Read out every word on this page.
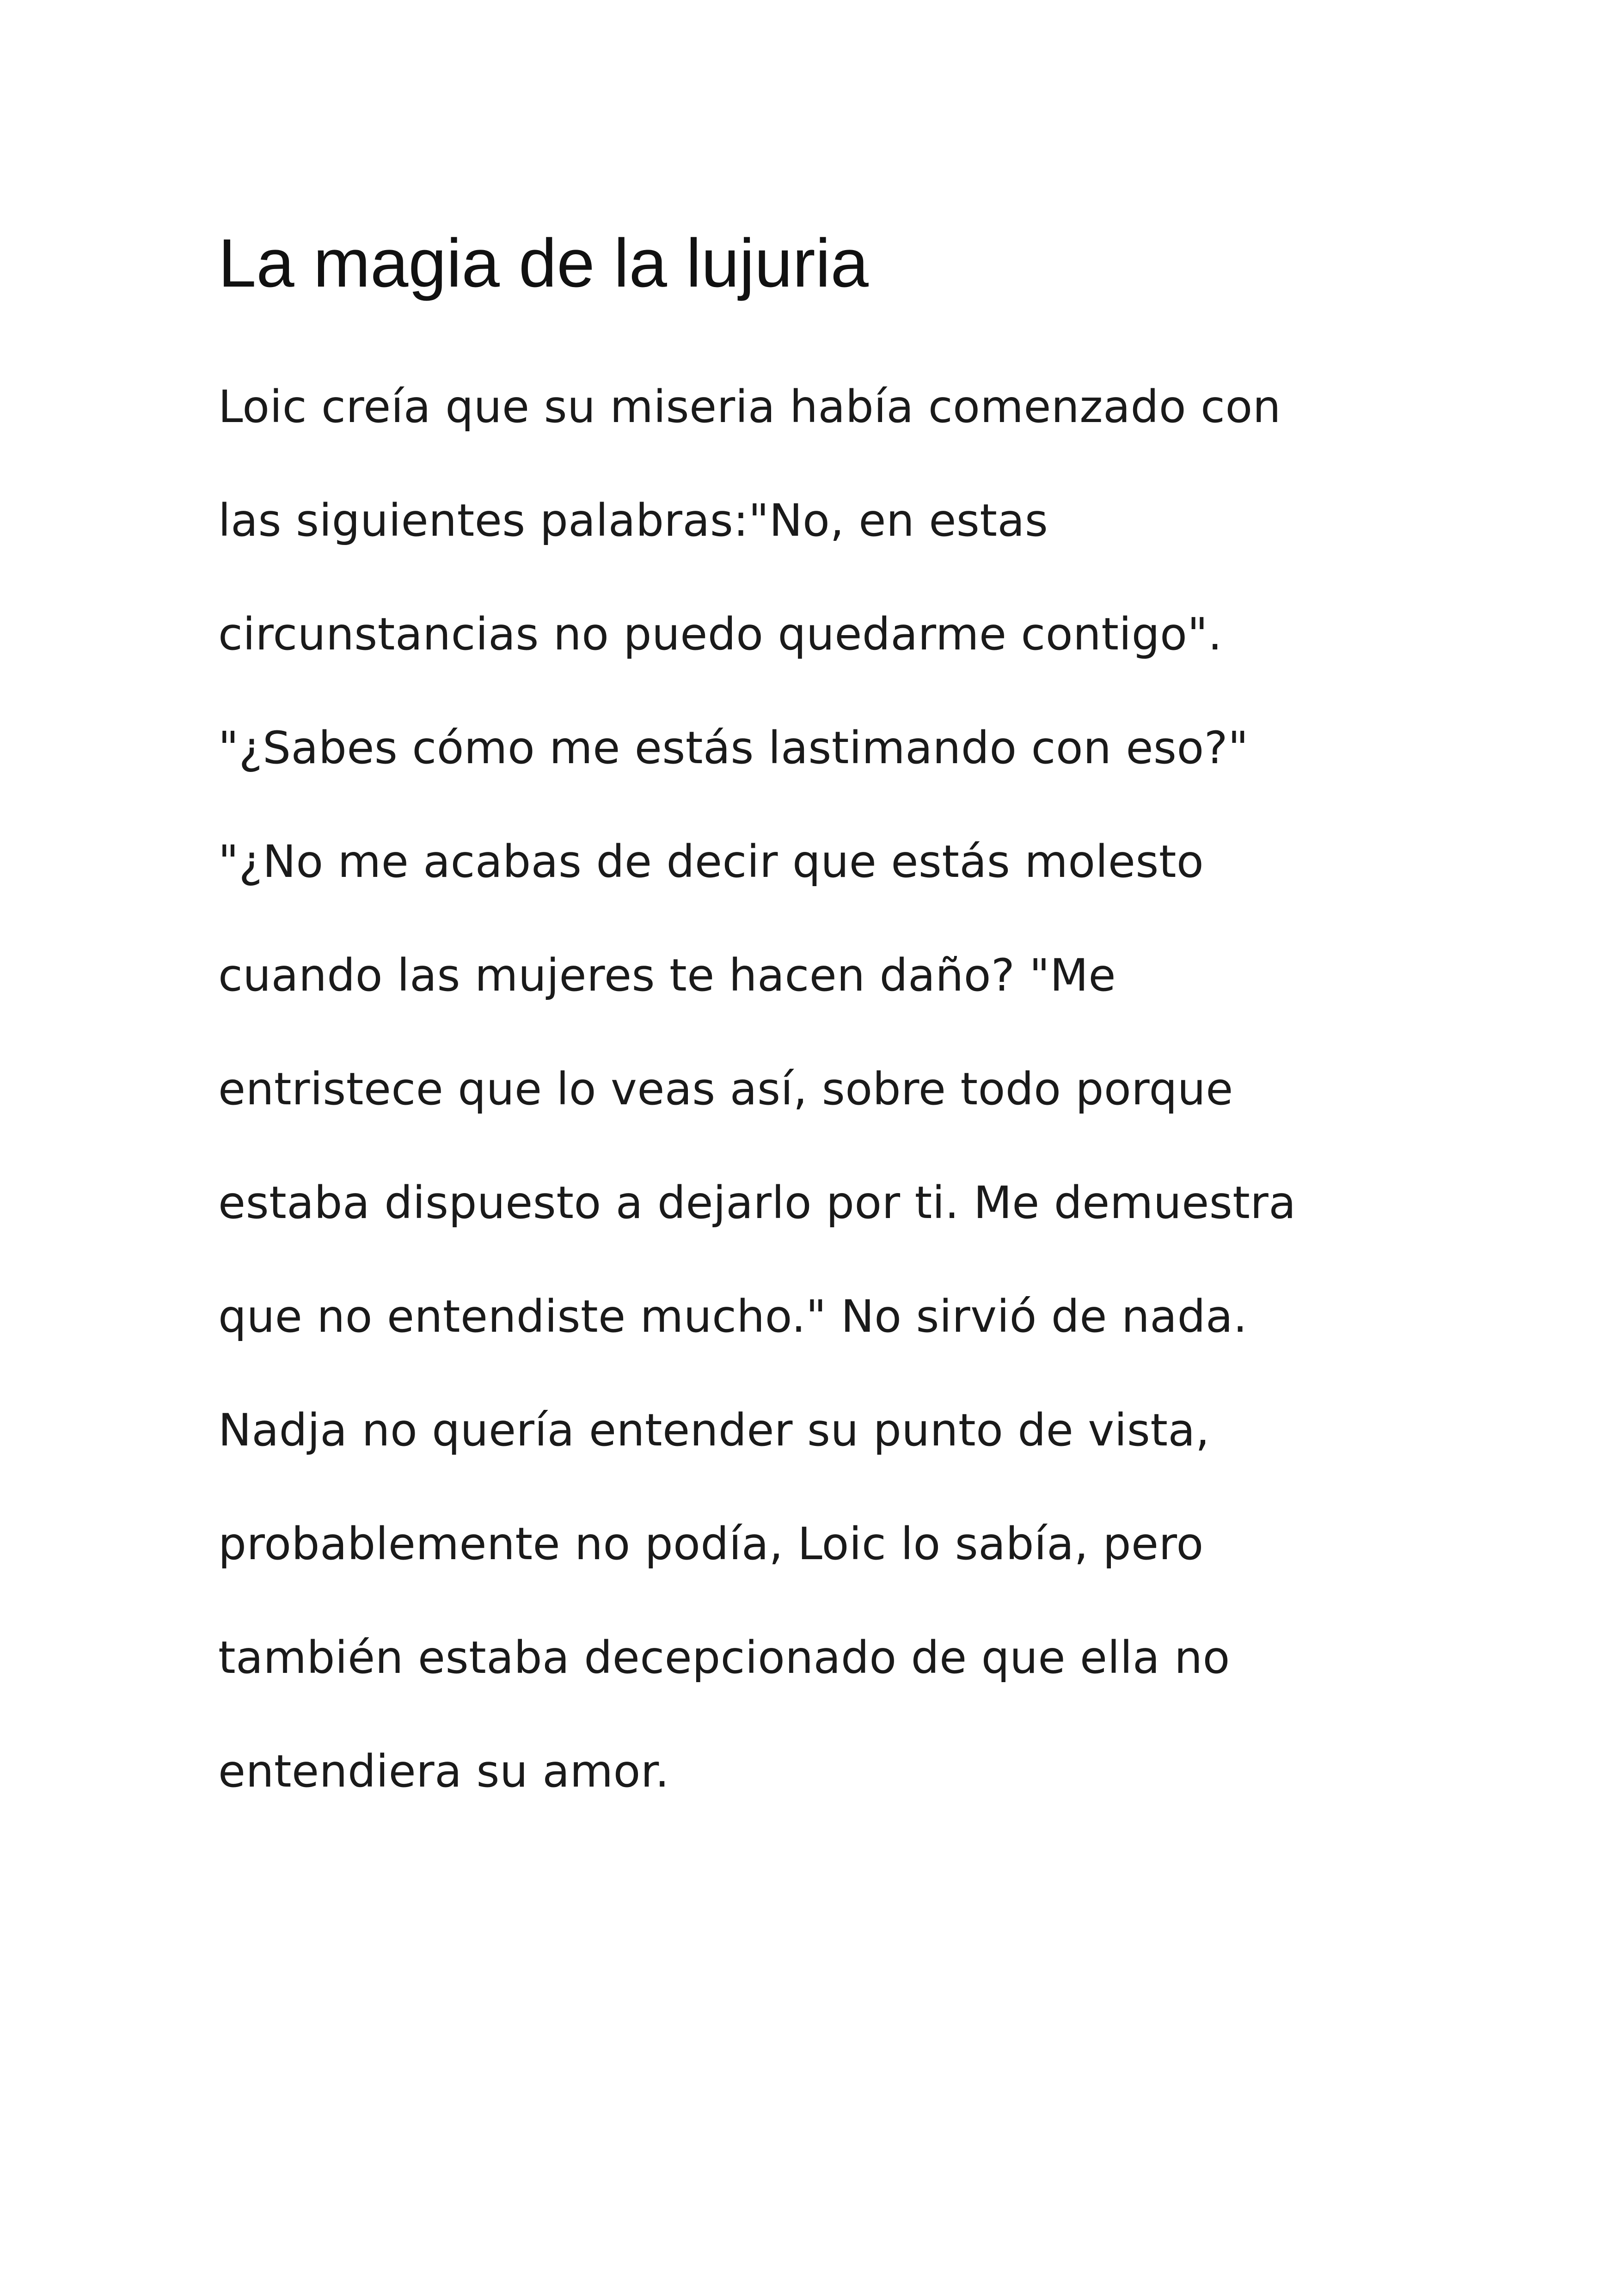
La magia de la lujuria
Loic creía que su miseria había comenzado con
las siguientes palabras:"No, en estas
circunstancias no puedo quedarme contigo".
"¿Sabes cómo me estás lastimando con eso?"
"¿No me acabas de decir que estás molesto
cuando las mujeres te hacen daño? "Me
entristece que lo veas así, sobre todo porque
estaba dispuesto a dejarlo por ti. Me demuestra
que no entendiste mucho." No sirvió de nada.
Nadja no quería entender su punto de vista,
probablemente no podía, Loic lo sabía, pero
también estaba decepcionado de que ella no
entendiera su amor.
